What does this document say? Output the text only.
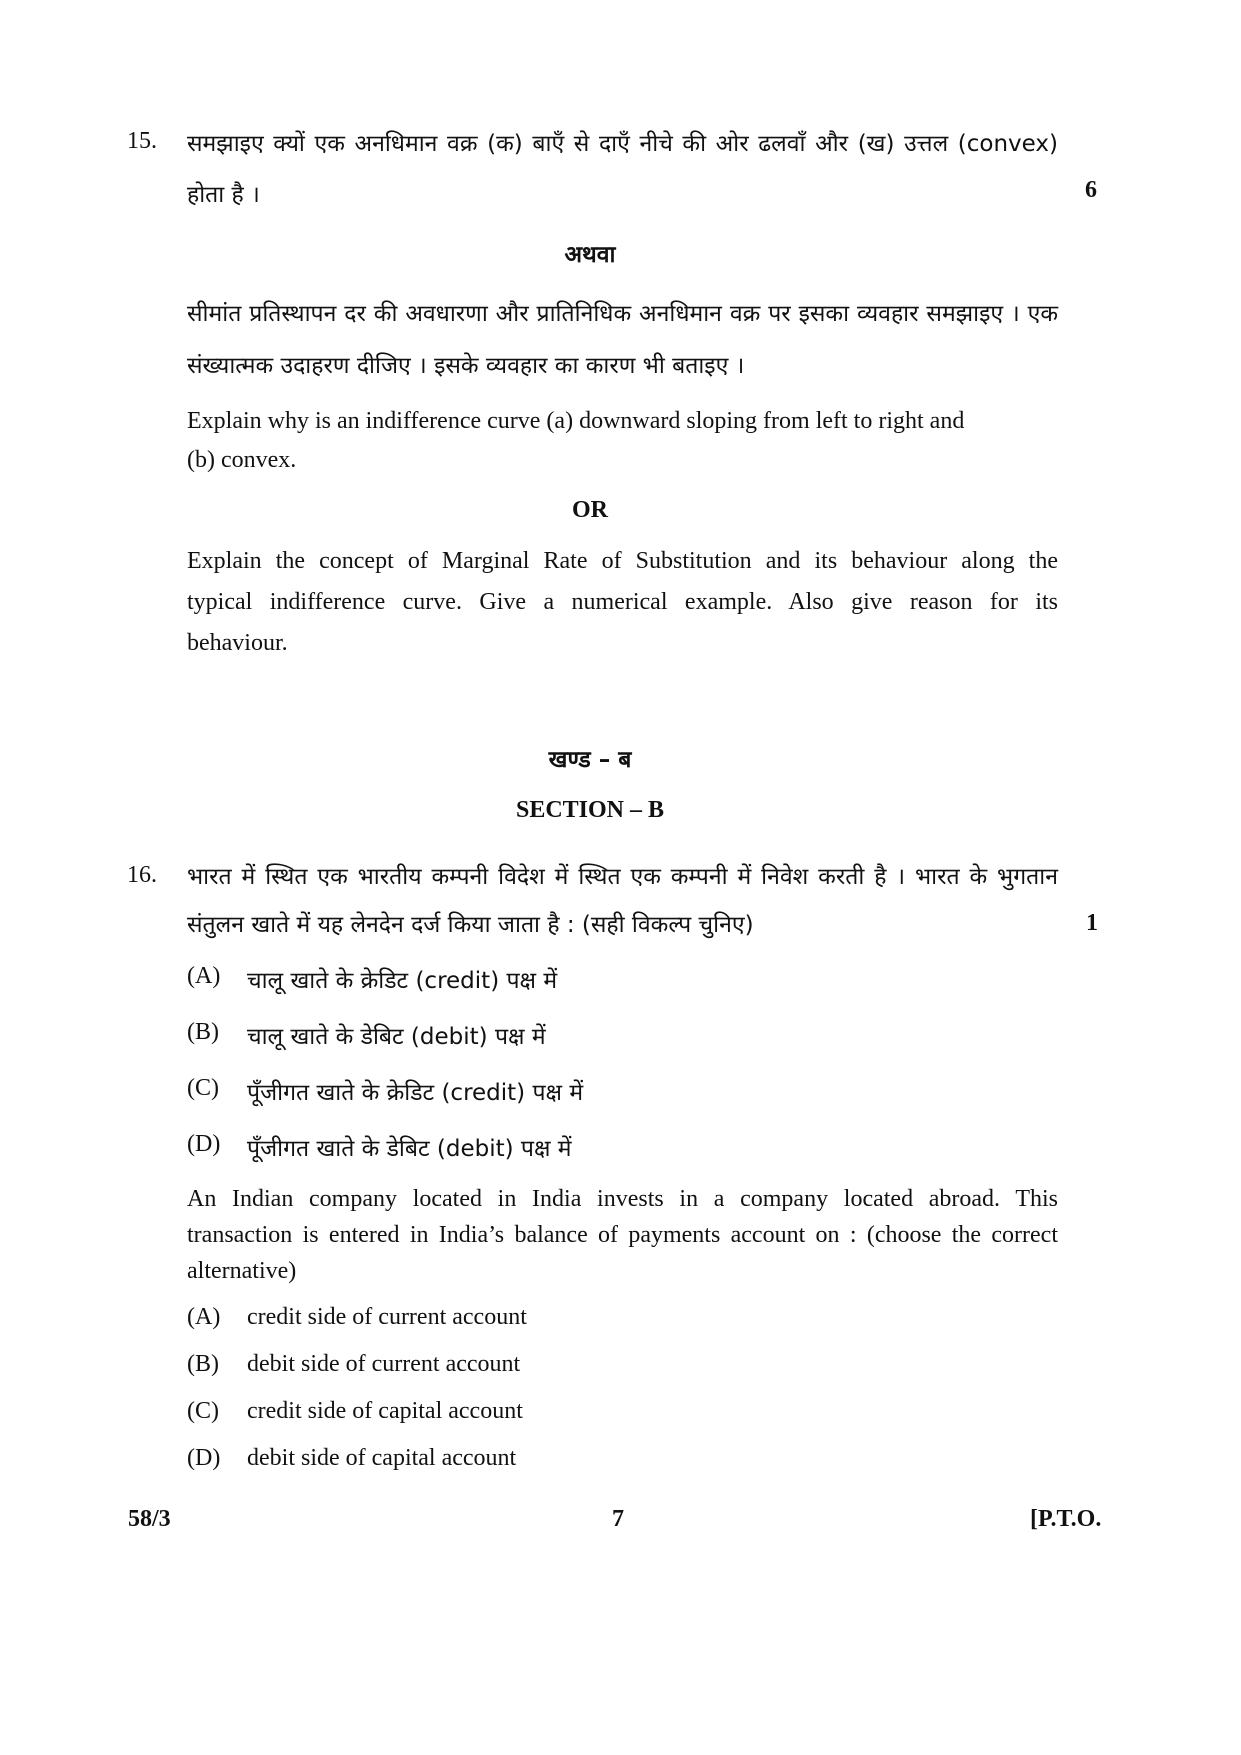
15. समझाइए क्यों एक अनधिमान वक्र (क) बाएँ से दाएँ नीचे की ओर ढलवाँ और (ख) उत्तल (convex)
होता है ।	6
अथवा
सीमांत प्रतिस्थापन दर की अवधारणा और प्रातिनिधिक अनधिमान वक्र पर इसका व्यवहार समझाइए । एक
संख्यात्मक उदाहरण दीजिए । इसके व्यवहार का कारण भी बताइए ।
Explain why is an indifference curve (a) downward sloping from left to right and
(b) convex.
OR
Explain the concept of Marginal Rate of Substitution and its behaviour along the
typical indifference curve. Give a numerical example. Also give reason for its
behaviour.
खण्ड – ब
SECTION – B
16. भारत में स्थित एक भारतीय कम्पनी विदेश में स्थित एक कम्पनी में निवेश करती है । भारत के भुगतान
संतुलन खाते में यह लेनदेन दर्ज किया जाता है : (सही विकल्प चुनिए)	1
(A) चालू खाते के क्रेडिट (credit) पक्ष में
(B) चालू खाते के डेबिट (debit) पक्ष में
(C) पूँजीगत खाते के क्रेडिट (credit) पक्ष में
(D) पूँजीगत खाते के डेबिट (debit) पक्ष में
An Indian company located in India invests in a company located abroad. This
transaction is entered in India’s balance of payments account on : (choose the correct
alternative)
(A) credit side of current account
(B) debit side of current account
(C) credit side of capital account
(D) debit side of capital account
58/3	7	[P.T.O.
